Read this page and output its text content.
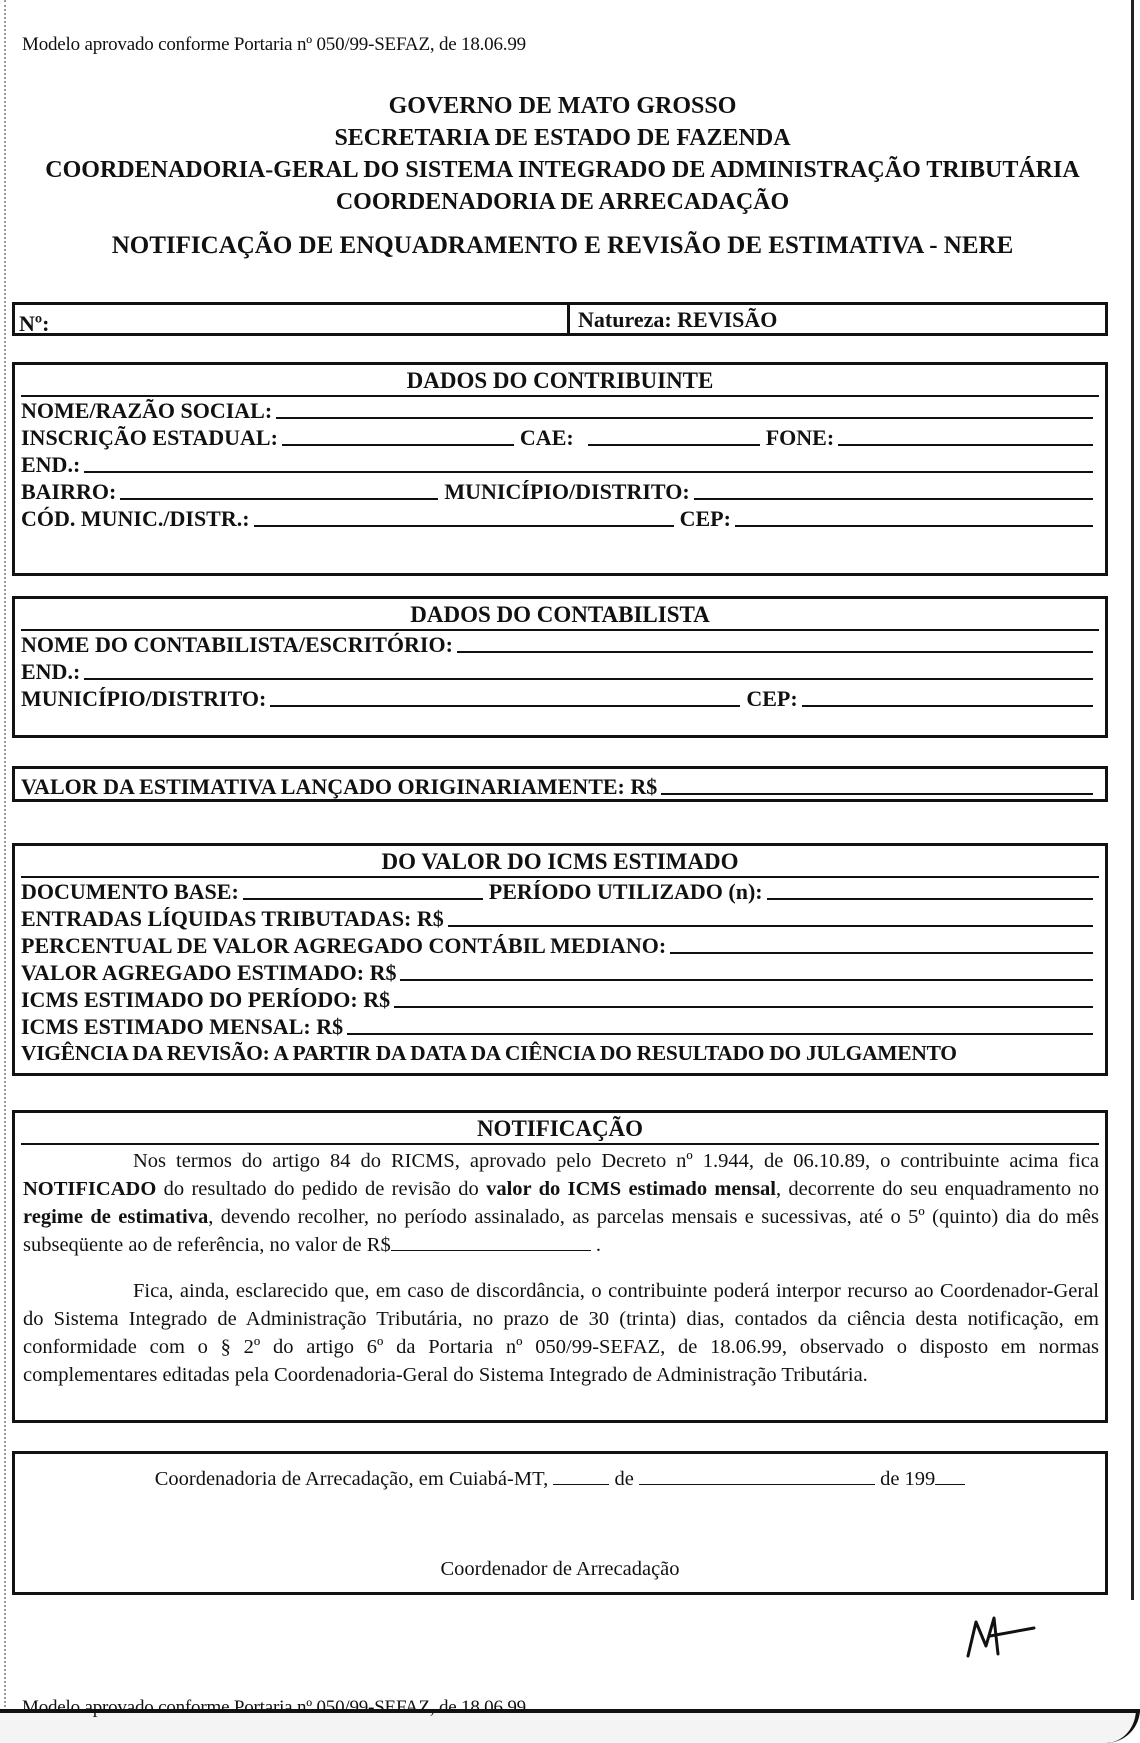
Modelo aprovado conforme Portaria nº 050/99-SEFAZ, de 18.06.99
GOVERNO DE MATO GROSSO
SECRETARIA DE ESTADO DE FAZENDA
COORDENADORIA-GERAL DO SISTEMA INTEGRADO DE ADMINISTRAÇÃO TRIBUTÁRIA
COORDENADORIA DE ARRECADAÇÃO
NOTIFICAÇÃO DE ENQUADRAMENTO E REVISÃO DE ESTIMATIVA - NERE
Nº:	Natureza: REVISÃO
DADOS DO CONTRIBUINTE
NOME/RAZÃO SOCIAL:
INSCRIÇÃO ESTADUAL:	CAE:	FONE:
END.:
BAIRRO:	MUNICÍPIO/DISTRITO:
CÓD. MUNIC./DISTR.:	CEP:
DADOS DO CONTABILISTA
NOME DO CONTABILISTA/ESCRITÓRIO:
END.:
MUNICÍPIO/DISTRITO:	CEP:
VALOR DA ESTIMATIVA LANÇADO ORIGINARIAMENTE: R$
DO VALOR DO ICMS ESTIMADO
DOCUMENTO BASE:	PERÍODO UTILIZADO (n):
ENTRADAS LÍQUIDAS TRIBUTADAS: R$
PERCENTUAL DE VALOR AGREGADO CONTÁBIL MEDIANO:
VALOR AGREGADO ESTIMADO: R$
ICMS ESTIMADO DO PERÍODO: R$
ICMS ESTIMADO MENSAL: R$
VIGÊNCIA DA REVISÃO: A PARTIR DA DATA DA CIÊNCIA DO RESULTADO DO JULGAMENTO
NOTIFICAÇÃO

Nos termos do artigo 84 do RICMS, aprovado pelo Decreto nº 1.944, de 06.10.89, o contribuinte acima fica NOTIFICADO do resultado do pedido de revisão do valor do ICMS estimado mensal, decorrente do seu enquadramento no regime de estimativa, devendo recolher, no período assinalado, as parcelas mensais e sucessivas, até o 5º (quinto) dia do mês subseqüente ao de referência, no valor de R$	.

Fica, ainda, esclarecido que, em caso de discordância, o contribuinte poderá interpor recurso ao Coordenador-Geral do Sistema Integrado de Administração Tributária, no prazo de 30 (trinta) dias, contados da ciência desta notificação, em conformidade com o § 2º do artigo 6º da Portaria nº 050/99-SEFAZ, de 18.06.99, observado o disposto em normas complementares editadas pela Coordenadoria-Geral do Sistema Integrado de Administração Tributária.

Coordenadoria de Arrecadação, em Cuiabá-MT,	de	de 199
Coordenador de Arrecadação
Modelo aprovado conforme Portaria nº 050/99-SEFAZ, de 18.06.99
